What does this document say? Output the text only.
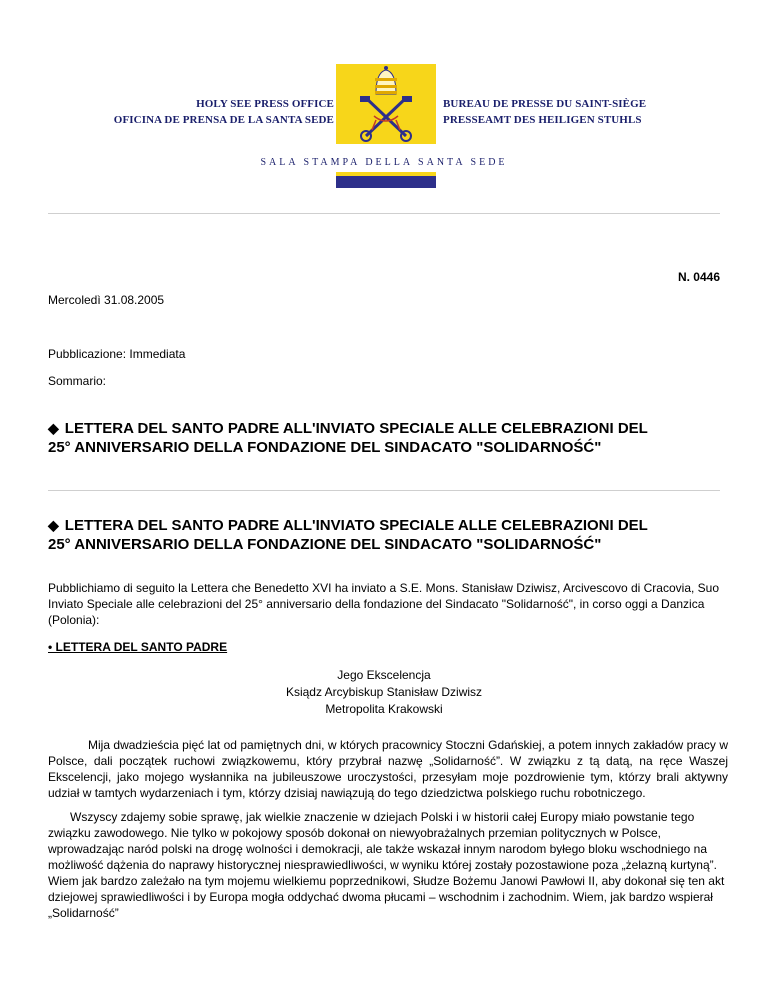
HOLY SEE PRESS OFFICE
OFICINA DE PRENSA DE LA SANTA SEDE
BUREAU DE PRESSE DU SAINT-SIÈGE
PRESSEAMT DES HEILIGEN STUHLS
SALA STAMPA DELLA SANTA SEDE
N. 0446
Mercoledì 31.08.2005
Pubblicazione: Immediata
Sommario:
◆ LETTERA DEL SANTO PADRE ALL'INVIATO SPECIALE ALLE CELEBRAZIONI DEL
25° ANNIVERSARIO DELLA FONDAZIONE DEL SINDACATO "SOLIDARNOŚĆ"
◆ LETTERA DEL SANTO PADRE ALL'INVIATO SPECIALE ALLE CELEBRAZIONI DEL
25° ANNIVERSARIO DELLA FONDAZIONE DEL SINDACATO "SOLIDARNOŚĆ"

Pubblichiamo di seguito la Lettera che Benedetto XVI ha inviato a S.E. Mons. Stanisław Dziwisz, Arcivescovo di Cracovia, Suo Inviato Speciale alle celebrazioni del 25° anniversario della fondazione del Sindacato "Solidarność", in corso oggi a Danzica (Polonia):

• LETTERA DEL SANTO PADRE
Jego Ekscelencja
Ksiądz Arcybiskup Stanisław Dziwisz
Metropolita Krakowski

Mija dwadzieścia pięć lat od pamiętnych dni, w których pracownicy Stoczni Gdańskiej, a potem innych zakładów pracy w Polsce, dali początek ruchowi związkowemu, który przybrał nazwę „Solidarność”. W związku z tą datą, na ręce Waszej Ekscelencji, jako mojego wysłannika na jubileuszowe uroczystości, przesyłam moje pozdrowienie tym, którzy brali aktywny udział w tamtych wydarzeniach i tym, którzy dzisiaj nawiązują do tego dziedzictwa polskiego ruchu robotniczego.

Wszyscy zdajemy sobie sprawę, jak wielkie znaczenie w dziejach Polski i w historii całej Europy miało powstanie tego związku zawodowego. Nie tylko w pokojowy sposób dokonał on niewyobrażalnych przemian politycznych w Polsce, wprowadzając naród polski na drogę wolności i demokracji, ale także wskazał innym narodom byłego bloku wschodniego na możliwość dążenia do naprawy historycznej niesprawiedliwości, w wyniku której zostały pozostawione poza „żelazną kurtyną”. Wiem jak bardzo zależało na tym mojemu wielkiemu poprzednikowi, Słudze Bożemu Janowi Pawłowi II, aby dokonał się ten akt dziejowej sprawiedliwości i by Europa mogła oddychać dwoma płucami – wschodnim i zachodnim. Wiem, jak bardzo wspierał „Solidarność”
